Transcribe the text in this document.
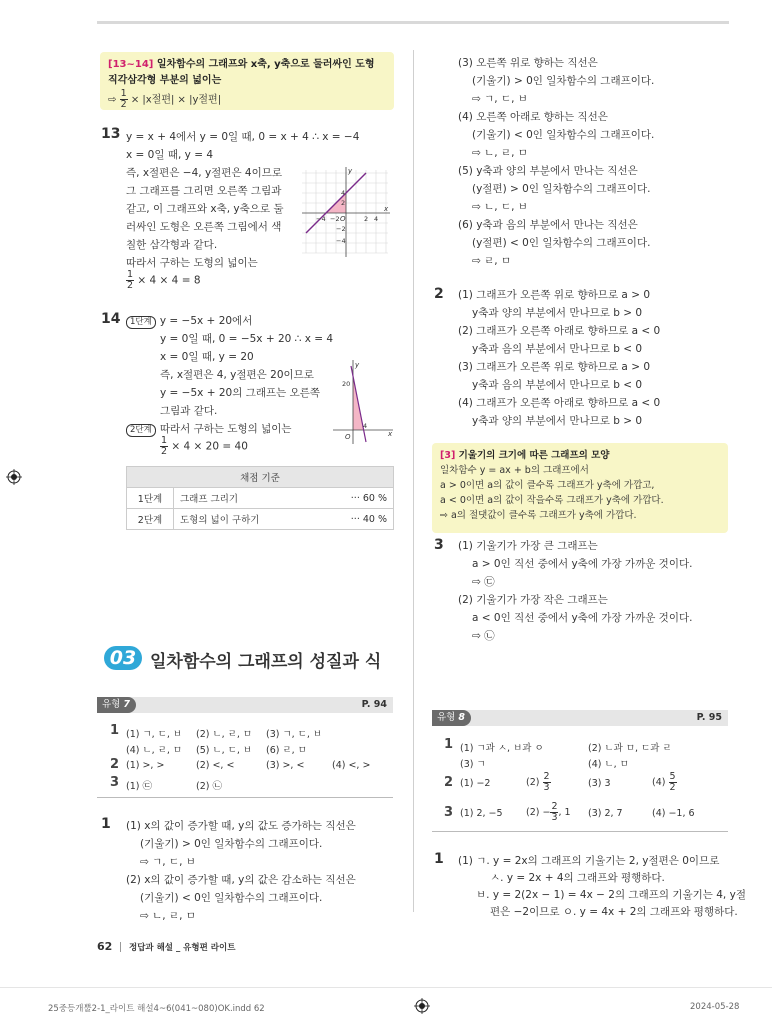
[13~14] 일차함수의 그래프와 x축, y축으로 둘러싸인 도형 직각삼각형 부분의 넓이는
⇨ $\frac{1}{2} \times |x$절편| × |y절편|
13 y = x + 4에서 y = 0일 때, 0 = x + 4 ∴ x = −4
x = 0일 때, y = 4
즉, x절편은 −4, y절편은 4이므로
그 그래프를 그리면 오른쪽 그림과
같고, 이 그래프와 x축, y축으로 둘
러싸인 도형은 오른쪽 그림에서 색
칠한 삼각형과 같다.
따라서 구하는 도형의 넓이는
$\frac{1}{2} \times 4 \times 4 = 8$
y
x
O
4
2
−2
−4
−4 −2	2 4
14	1단계 y = −5x + 20에서
y = 0일 때, 0 = −5x + 20 ∴ x = 4
x = 0일 때, y = 20
즉, x절편은 4, y절편은 20이므로
y = −5x + 20의 그래프는 오른쪽
그림과 같다.
2단계 따라서 구하는 도형의 넓이는
$\frac{1}{2} \times 4 \times 20 = 40$
y
x
O
20
4
채점 기준		
1단계	그래프 그리기	··· 60 %
2단계	도형의 넓이 구하기	··· 40 %
03 일차함수의 그래프의 성질과 식
유형 7	P. 94
1 (1) ㄱ, ㄷ, ㅂ (2) ㄴ, ㄹ, ㅁ (3) ㄱ, ㄷ, ㅂ
(4) ㄴ, ㄹ, ㅁ (5) ㄴ, ㄷ, ㅂ (6) ㄹ, ㅁ
2 (1) >, >	(2) <, <	(3) >, <	(4) <, >
3 (1) ㉢	(2) ㉡
1 (1) x의 값이 증가할 때, y의 값도 증가하는 직선은
(기울기) > 0인 일차함수의 그래프이다.
⇨ ㄱ, ㄷ, ㅂ
(2) x의 값이 증가할 때, y의 값은 감소하는 직선은
(기울기) < 0인 일차함수의 그래프이다.
⇨ ㄴ, ㄹ, ㅁ
(3) 오른쪽 위로 향하는 직선은
(기울기) > 0인 일차함수의 그래프이다.
⇨ ㄱ, ㄷ, ㅂ
(4) 오른쪽 아래로 향하는 직선은
(기울기) < 0인 일차함수의 그래프이다.
⇨ ㄴ, ㄹ, ㅁ
(5) y축과 양의 부분에서 만나는 직선은
(y절편) > 0인 일차함수의 그래프이다.
⇨ ㄴ, ㄷ, ㅂ
(6) y축과 음의 부분에서 만나는 직선은
(y절편) < 0인 일차함수의 그래프이다.
⇨ ㄹ, ㅁ
2 (1) 그래프가 오른쪽 위로 향하므로 a > 0
y축과 양의 부분에서 만나므로 b > 0
(2) 그래프가 오른쪽 아래로 향하므로 a < 0
y축과 음의 부분에서 만나므로 b < 0
(3) 그래프가 오른쪽 위로 향하므로 a > 0
y축과 음의 부분에서 만나므로 b < 0
(4) 그래프가 오른쪽 아래로 향하므로 a < 0
y축과 양의 부분에서 만나므로 b > 0
[3] 기울기의 크기에 따른 그래프의 모양
일차함수 y = ax + b의 그래프에서
a > 0이면 a의 값이 클수록 그래프가 y축에 가깝고,
a < 0이면 a의 값이 작을수록 그래프가 y축에 가깝다.
⇨ a의 절댓값이 클수록 그래프가 y축에 가깝다.
3 (1) 기울기가 가장 큰 그래프는
a > 0인 직선 중에서 y축에 가장 가까운 것이다.
⇨ ㉢
(2) 기울기가 가장 작은 그래프는
a < 0인 직선 중에서 y축에 가장 가까운 것이다.
⇨ ㉡
유형 8	P. 95
1 (1) ㄱ과 ㅅ, ㅂ과 ㅇ	(2) ㄴ과 ㅁ, ㄷ과 ㄹ
(3) ㄱ	(4) ㄴ, ㅁ
2 (1) −2	$(2) \frac{2}{3}$	(3) 3	$(4) \frac{5}{2}$
3 (1) 2, −5 $(2) - \frac{2}{3}$ , 1 (3) 2, 7	(4) −1, 6
1 (1) ㄱ. y = 2x의 그래프의 기울기는 2, y절편은 0이므로
ㅅ. y = 2x + 4의 그래프와 평행하다.
ㅂ. y = 2(2x − 1) = 4x − 2의 그래프의 기울기는 4, y절
편은 −2이므로 ㅇ. y = 4x + 2의 그래프와 평행하다.
62 정답과 해설 _ 유형편 라이트
25중등개뿔2-1_라이트 해설4~6(041~080)OK.indd 62	2024-05-28
